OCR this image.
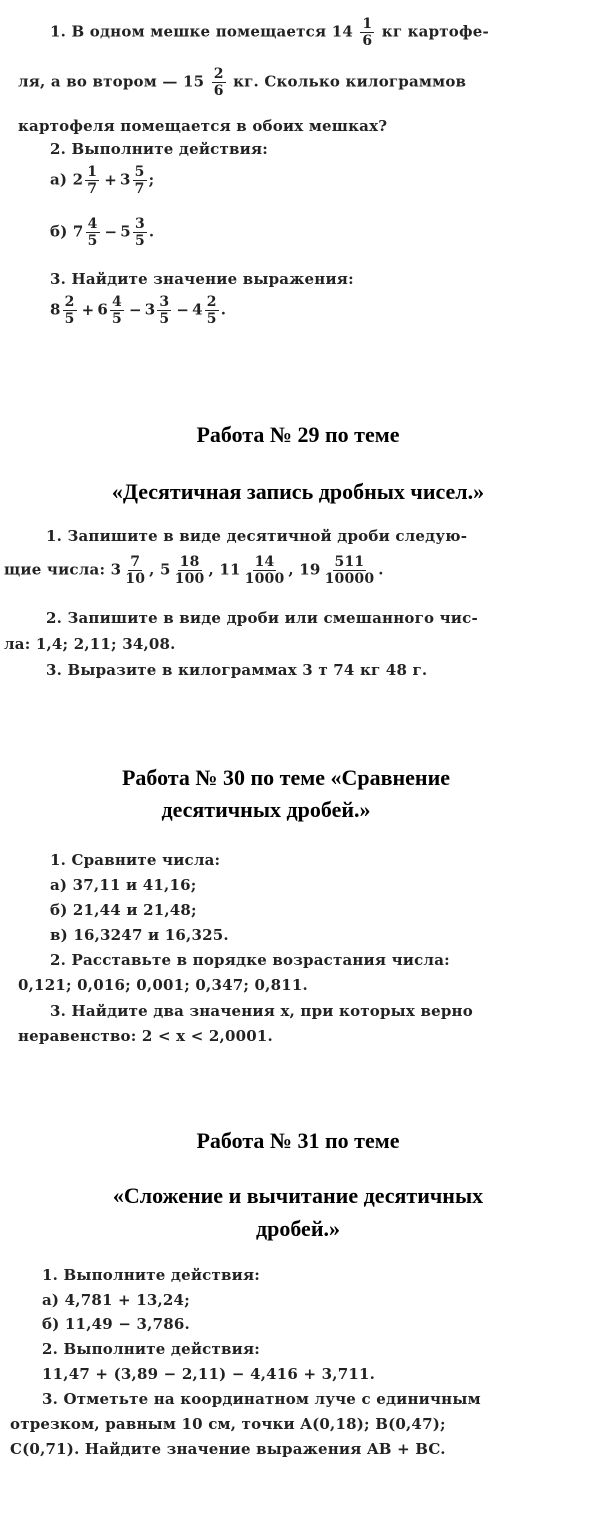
1. В одном мешке помещается $14 \frac{1}{6}$ кг картофе-
ля, а во втором — $15 \frac{2}{6}$ кг. Сколько килограммов
картофеля помещается в обоих мешках?
2. Выполните действия:
а) $2 \frac{1}{7} + 3 \frac{5}{7}$ ;
б) $7 \frac{4}{5} - 5 \frac{3}{5}$ .
3. Найдите значение выражения:
$8 \frac{2}{5} + 6 \frac{4}{5} - 3 \frac{3}{5} - 4 \frac{2}{5}$ .
Работа № 29 по теме
«Десятичная запись дробных чисел.»
1. Запишите в виде десятичной дроби следую-
щие числа: $3 \frac{7}{10}$ , $5 \frac{18}{100}$ , $11 \frac{14}{1000}$ , $19 \frac{511}{10000}$ .
2. Запишите в виде дроби или смешанного чис-
ла: 1,4; 2,11; 34,08.
3. Выразите в килограммах 3 т 74 кг 48 г.
Работа № 30 по теме «Сравнение
десятичных дробей.»
1. Сравните числа:
а) 37,11 и 41,16;
б) 21,44 и 21,48;
в) 16,3247 и 16,325.
2. Расставьте в порядке возрастания числа:
0,121; 0,016; 0,001; 0,347; 0,811.
3. Найдите два значения x, при которых верно
неравенство: 2 < x < 2,0001.
Работа № 31 по теме
«Сложение и вычитание десятичных
дробей.»
1. Выполните действия:
а) 4,781 + 13,24;
б) 11,49 − 3,786.
2. Выполните действия:
11,47 + (3,89 − 2,11) − 4,416 + 3,711.
3. Отметьте на координатном луче с единичным
отрезком, равным 10 см, точки A(0,18); B(0,47);
C(0,71). Найдите значение выражения AB + BC.
